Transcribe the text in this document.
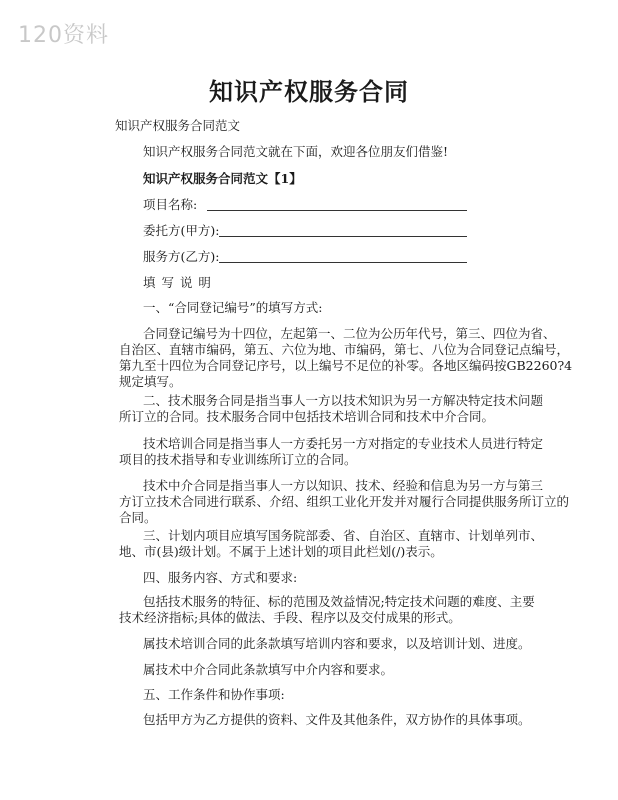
120资料
知识产权服务合同
知识产权服务合同范文
知识产权服务合同范文就在下面，欢迎各位朋友们借鉴!
知识产权服务合同范文【1】
项目名称:
委托方(甲方):
服务方(乙方):
填 写 说 明
一、“合同登记编号”的填写方式:
合同登记编号为十四位，左起第一、二位为公历年代号，第三、四位为省、
自治区、直辖市编码，第五、六位为地、市编码，第七、八位为合同登记点编号，
第九至十四位为合同登记序号，以上编号不足位的补零。各地区编码按GB2260?4
规定填写。
二、技术服务合同是指当事人一方以技术知识为另一方解决特定技术问题
所订立的合同。技术服务合同中包括技术培训合同和技术中介合同。
技术培训合同是指当事人一方委托另一方对指定的专业技术人员进行特定
项目的技术指导和专业训练所订立的合同。
技术中介合同是指当事人一方以知识、技术、经验和信息为另一方与第三
方订立技术合同进行联系、介绍、组织工业化开发并对履行合同提供服务所订立的
合同。
三、计划内项目应填写国务院部委、省、自治区、直辖市、计划单列市、
地、市(县)级计划。不属于上述计划的项目此栏划(/)表示。
四、服务内容、方式和要求:
包括技术服务的特征、标的范围及效益情况;特定技术问题的难度、主要
技术经济指标;具体的做法、手段、程序以及交付成果的形式。
属技术培训合同的此条款填写培训内容和要求，以及培训计划、进度。
属技术中介合同此条款填写中介内容和要求。
五、工作条件和协作事项:
包括甲方为乙方提供的资料、文件及其他条件，双方协作的具体事项。
